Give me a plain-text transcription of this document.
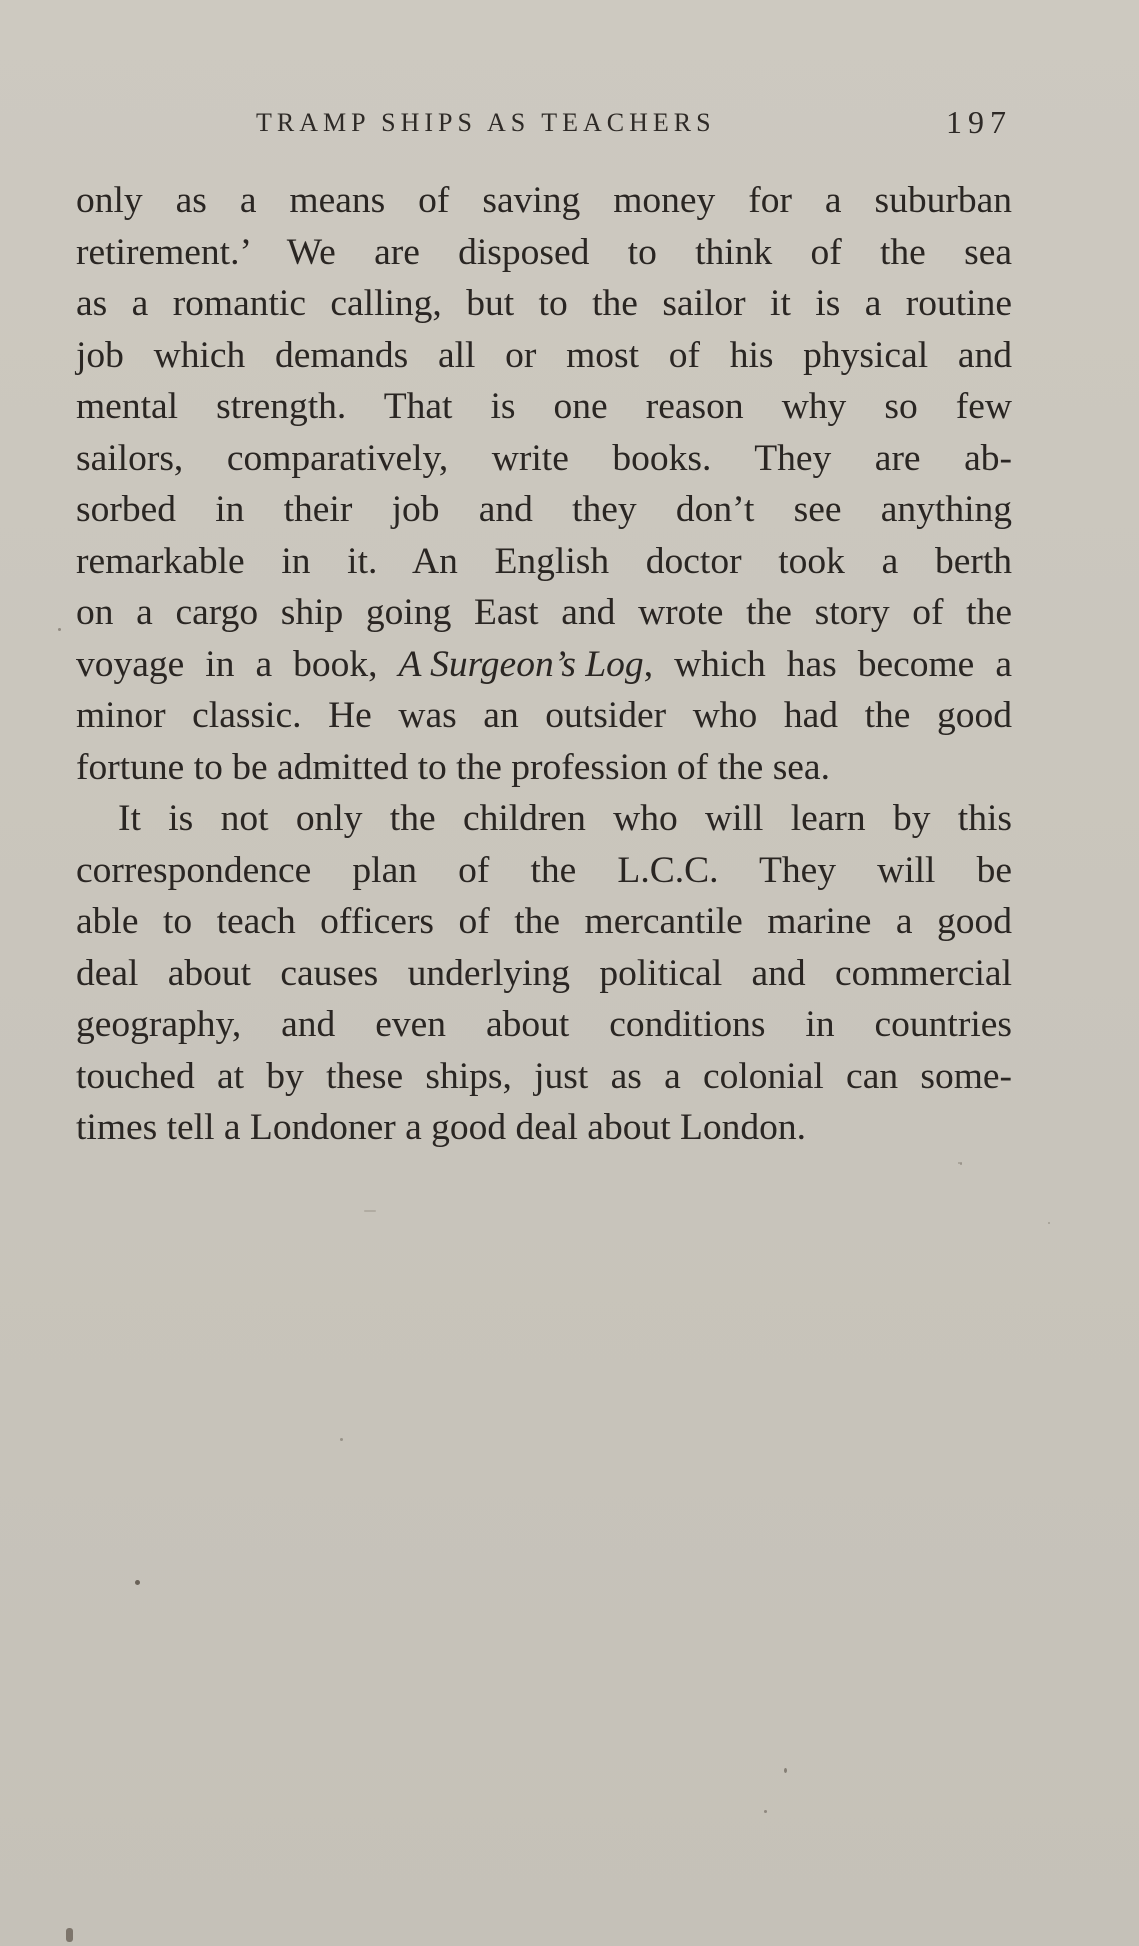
TRAMP SHIPS AS TEACHERS	197
only as a means of saving money for a suburban
retirement.’ We are disposed to think of the sea
as a romantic calling, but to the sailor it is a routine
job which demands all or most of his physical and
mental strength. That is one reason why so few
sailors, comparatively, write books. They are ab-
sorbed in their job and they don’t see anything
remarkable in it. An English doctor took a berth
on a cargo ship going East and wrote the story of the
voyage in a book, A Surgeon’s Log, which has become a
minor classic. He was an outsider who had the good
fortune to be admitted to the profession of the sea.
It is not only the children who will learn by this
correspondence plan of the L.C.C. They will be
able to teach officers of the mercantile marine a good
deal about causes underlying political and commercial
geography, and even about conditions in countries
touched at by these ships, just as a colonial can some-
times tell a Londoner a good deal about London.
